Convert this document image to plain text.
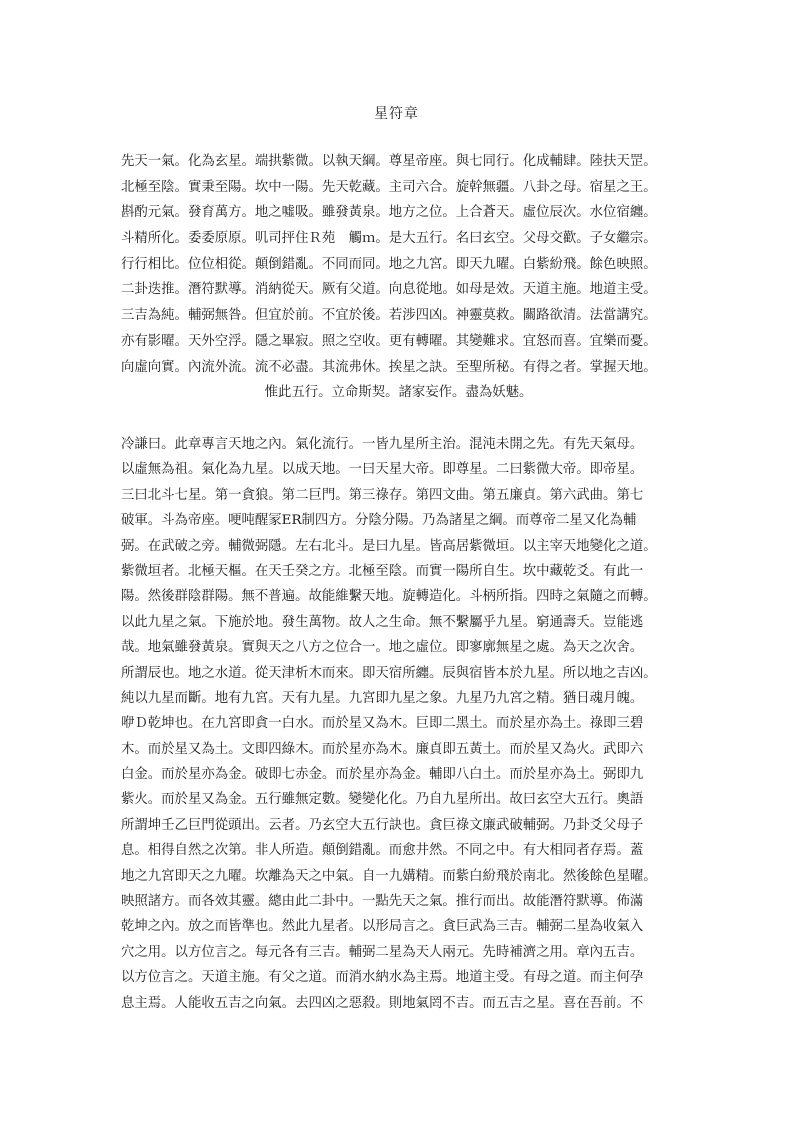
星符章
先天一氣。化為玄星。端拱紫微。以執天綱。尊星帝座。與七同行。化成輔肆。陸扶天罡。
北極至陰。實秉至陽。坎中一陽。先天乾藏。主司六合。旋幹無疆。八卦之母。宿星之王。
斟酌元氣。發育萬方。地之噓吸。雖發黃泉。地方之位。上合蒼天。虛位辰次。水位宿纏。
斗精所化。委委原原。叽司抨住Ｒ苑　觸ｍ。是大五行。名曰玄空。父母交歡。子女繼宗。
行行相比。位位相從。顛倒錯亂。不同而同。地之九宮。即天九曜。白紫紛飛。餘色映照。
二卦迭推。潛符默導。消納從天。厥有父道。向息從地。如母是效。天道主施。地道主受。
三吉為純。輔弼無咎。但宜於前。不宜於後。若涉四凶。神靈莫救。關路欲清。法當講究。
亦有影曜。天外空浮。隱之畢寂。照之空收。更有轉曜。其變難求。宜怒而喜。宜樂而憂。
向虛向實。內流外流。流不必盡。其流弗休。挨星之訣。至聖所秘。有得之者。掌握天地。
惟此五行。立命斯契。諸家妄作。盡為妖魅。
冷謙曰。此章專言天地之內。氣化流行。一皆九星所主治。混沌未開之先。有先天氣母。
以虛無為祖。氣化為九星。以成天地。一曰天星大帝。即尊星。二曰紫微大帝。即帝星。
三曰北斗七星。第一貪狼。第二巨門。第三祿存。第四文曲。第五廉貞。第六武曲。第七
破軍。斗為帝座。哽吨醒冡ER制四方。分陰分陽。乃為諸星之綱。而尊帝二星又化為輔
弼。在武破之旁。輔微弼隱。左右北斗。是曰九星。皆高居紫微垣。以主宰天地變化之道。
紫微垣者。北極天樞。在天壬癸之方。北極至陰。而實一陽所自生。坎中藏乾爻。有此一
陽。然後群陰群陽。無不普遍。故能維繫天地。旋轉造化。斗柄所指。四時之氣隨之而轉。
以此九星之氣。下施於地。發生萬物。故人之生命。無不繫屬乎九星。窮通壽夭。豈能逃
哉。地氣雖發黃泉。實與天之八方之位合一。地之虛位。即寥廓無星之處。為天之次舍。
所謂辰也。地之水道。從天津析木而來。即天宿所纏。辰與宿皆本於九星。所以地之吉凶。
純以九星而斷。地有九宮。天有九星。九宮即九星之象。九星乃九宮之精。猶日魂月魄。
咿Ｄ乾坤也。在九宮即貪一白水。而於星又為木。巨即二黑土。而於星亦為土。祿即三碧
木。而於星又為土。文即四綠木。而於星亦為木。廉貞即五黃土。而於星又為火。武即六
白金。而於星亦為金。破即七赤金。而於星亦為金。輔即八白土。而於星亦為土。弼即九
紫火。而於星又為金。五行雖無定數。變變化化。乃自九星所出。故曰玄空大五行。奧語
所謂坤壬乙巨門從頭出。云者。乃玄空大五行訣也。貪巨祿文廉武破輔弼。乃卦爻父母子
息。相得自然之次第。非人所造。顛倒錯亂。而愈井然。不同之中。有大相同者存焉。蓋
地之九宮即天之九曜。坎離為天之中氣。自一九媾精。而紫白紛飛於南北。然後餘色星曜。
映照諸方。而各效其靈。總由此二卦中。一點先天之氣。推行而出。故能潛符默導。佈滿
乾坤之內。放之而皆準也。然此九星者。以形局言之。貪巨武為三吉。輔弼二星為收氣入
穴之用。以方位言之。每元各有三吉。輔弼二星為天人兩元。先時補濟之用。章內五吉。
以方位言之。天道主施。有父之道。而消水納水為主焉。地道主受。有母之道。而主何孕
息主焉。人能收五吉之向氣。去四凶之惡殺。則地氣罔不吉。而五吉之星。喜在吾前。不
